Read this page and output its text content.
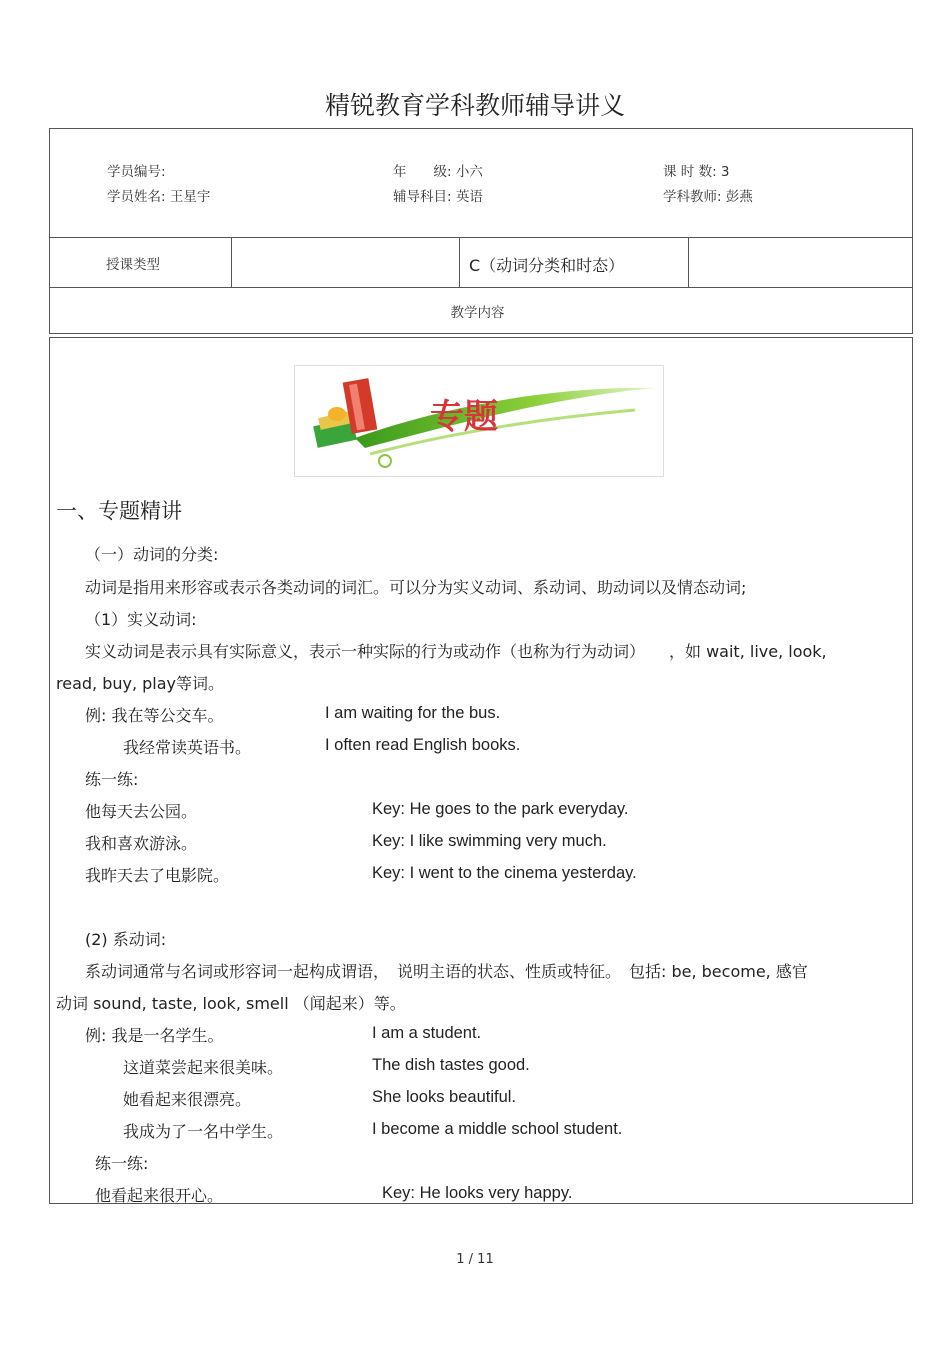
精锐教育学科教师辅导讲义
学员编号:	年　　级: 小六	课 时 数: 3
学员姓名: 王星宇	辅导科目: 英语	学科教师: 彭燕
授课类型	C（动词分类和时态）
教学内容
专题
一、专题精讲
（一）动词的分类:
动词是指用来形容或表示各类动词的词汇。可以分为实义动词、系动词、助动词以及情态动词;
（1）实义动词:
实义动词是表示具有实际意义，表示一种实际的行为或动作（也称为行为动词）　　，如 wait, live, look,
read, buy, play等词。
例: 我在等公交车。	I am waiting for the bus.
我经常读英语书。	I often read English books.
练一练:
他每天去公园。	Key: He goes to the park everyday.
我和喜欢游泳。	Key: I like swimming very much.
我昨天去了电影院。	Key: I went to the cinema yesterday.
(2) 系动词:
系动词通常与名词或形容词一起构成谓语，　说明主语的状态、性质或特征。　包括: be, become, 感官
动词 sound, taste, look, smell （闻起来）等。
例: 我是一名学生。	I am a student.
这道菜尝起来很美味。	The dish tastes good.
她看起来很漂亮。	She looks beautiful.
我成为了一名中学生。	I become a middle school student.
练一练:
他看起来很开心。	Key: He looks very happy.
1 / 11
